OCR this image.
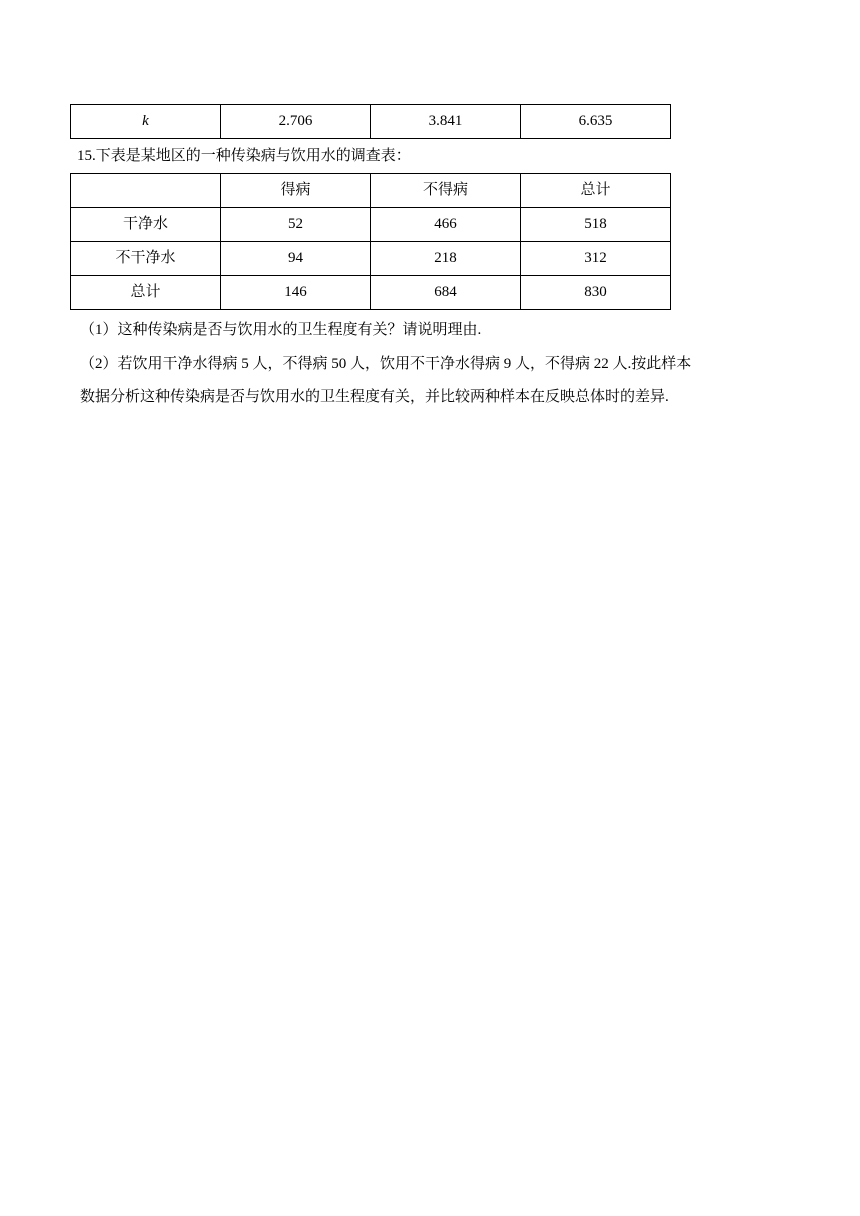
k	2.706	3.841	6.635
15.下表是某地区的一种传染病与饮用水的调查表：
	得病	不得病	总计
干净水	52	466	518
不干净水	94	218	312
总计	146	684	830
（1）这种传染病是否与饮用水的卫生程度有关？请说明理由.
（2）若饮用干净水得病 5 人，不得病 50 人，饮用不干净水得病 9 人，不得病 22 人.按此样本
数据分析这种传染病是否与饮用水的卫生程度有关，并比较两种样本在反映总体时的差异.
